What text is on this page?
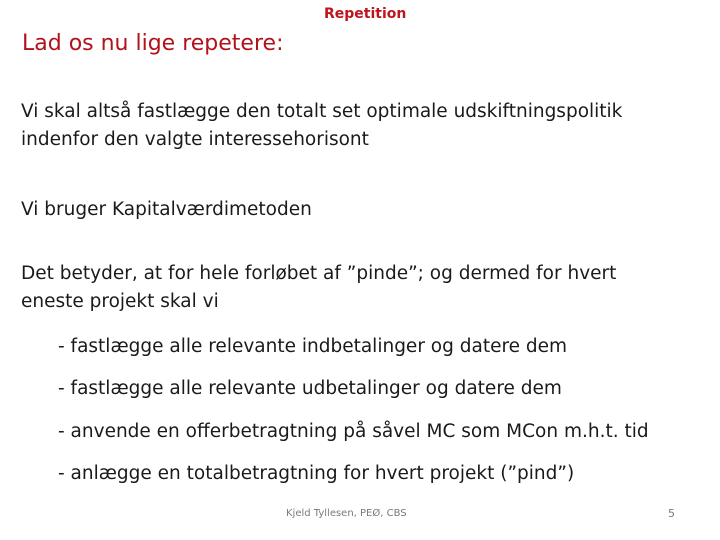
Repetition
Lad os nu lige repetere:
Vi skal altså fastlægge den totalt set optimale udskiftningspolitik
indenfor den valgte interessehorisont
Vi bruger Kapitalværdimetoden
Det betyder, at for hele forløbet af ”pinde”; og dermed for hvert
eneste projekt skal vi
- fastlægge alle relevante indbetalinger og datere dem
- fastlægge alle relevante udbetalinger og datere dem
- anvende en offerbetragtning på såvel MC som MCon m.h.t. tid
- anlægge en totalbetragtning for hvert projekt (”pind”)
Kjeld Tyllesen, PEØ, CBS	5
